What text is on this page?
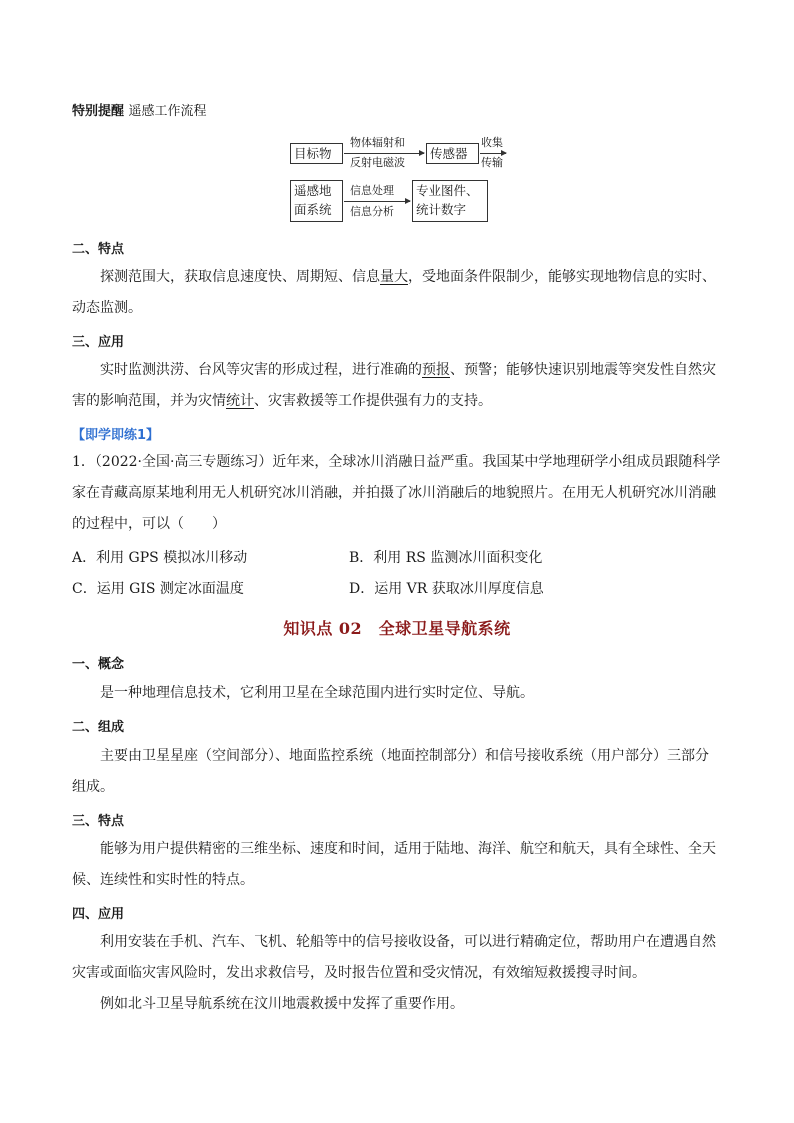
特别提醒 遥感工作流程
目标物
物体辐射和
反射电磁波
传感器
收集
传输
遥感地
面系统
信息处理
信息分析
专业图件、
统计数字
二、特点
探测范围大，获取信息速度快、周期短、信息量大，受地面条件限制少，能够实现地物信息的实时、
动态监测。
三、应用
实时监测洪涝、台风等灾害的形成过程，进行准确的预报、预警；能够快速识别地震等突发性自然灾
害的影响范围，并为灾情统计、灾害救援等工作提供强有力的支持。
【即学即练1】
1．（2022·全国·高三专题练习）近年来，全球冰川消融日益严重。我国某中学地理研学小组成员跟随科学
家在青藏高原某地利用无人机研究冰川消融，并拍摄了冰川消融后的地貌照片。在用无人机研究冰川消融
的过程中，可以（　　）
A．利用 GPS 模拟冰川移动	B．利用 RS 监测冰川面积变化
C．运用 GIS 测定冰面温度	D．运用 VR 获取冰川厚度信息
知识点 02　全球卫星导航系统
一、概念
是一种地理信息技术，它利用卫星在全球范围内进行实时定位、导航。
二、组成
主要由卫星星座（空间部分）、地面监控系统（地面控制部分）和信号接收系统（用户部分）三部分
组成。
三、特点
能够为用户提供精密的三维坐标、速度和时间，适用于陆地、海洋、航空和航天，具有全球性、全天
候、连续性和实时性的特点。
四、应用
利用安装在手机、汽车、飞机、轮船等中的信号接收设备，可以进行精确定位，帮助用户在遭遇自然
灾害或面临灾害风险时，发出求救信号，及时报告位置和受灾情况，有效缩短救援搜寻时间。
例如北斗卫星导航系统在汶川地震救援中发挥了重要作用。
